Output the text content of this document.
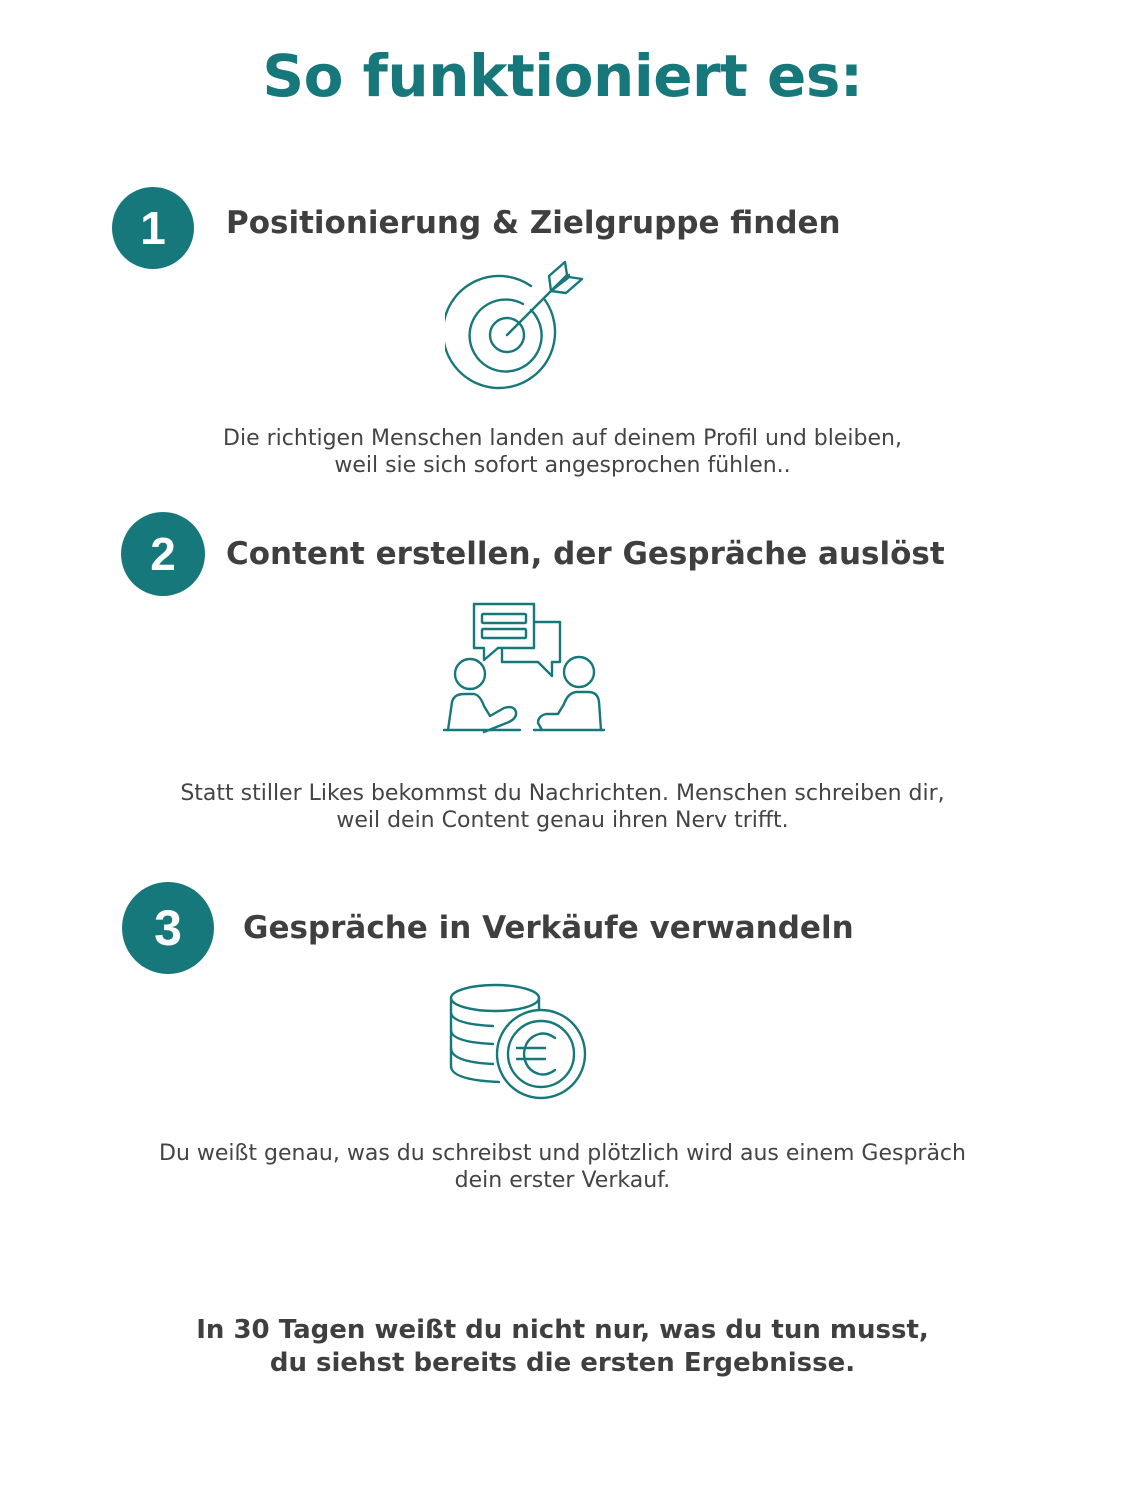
So funktioniert es:
1	Positionierung & Zielgruppe finden
Die richtigen Menschen landen auf deinem Profil und bleiben,
weil sie sich sofort angesprochen fühlen..
2	Content erstellen, der Gespräche auslöst
Statt stiller Likes bekommst du Nachrichten. Menschen schreiben dir,
weil dein Content genau ihren Nerv trifft.
3	Gespräche in Verkäufe verwandeln
Du weißt genau, was du schreibst und plötzlich wird aus einem Gespräch
dein erster Verkauf.
In 30 Tagen weißt du nicht nur, was du tun musst,
du siehst bereits die ersten Ergebnisse.
